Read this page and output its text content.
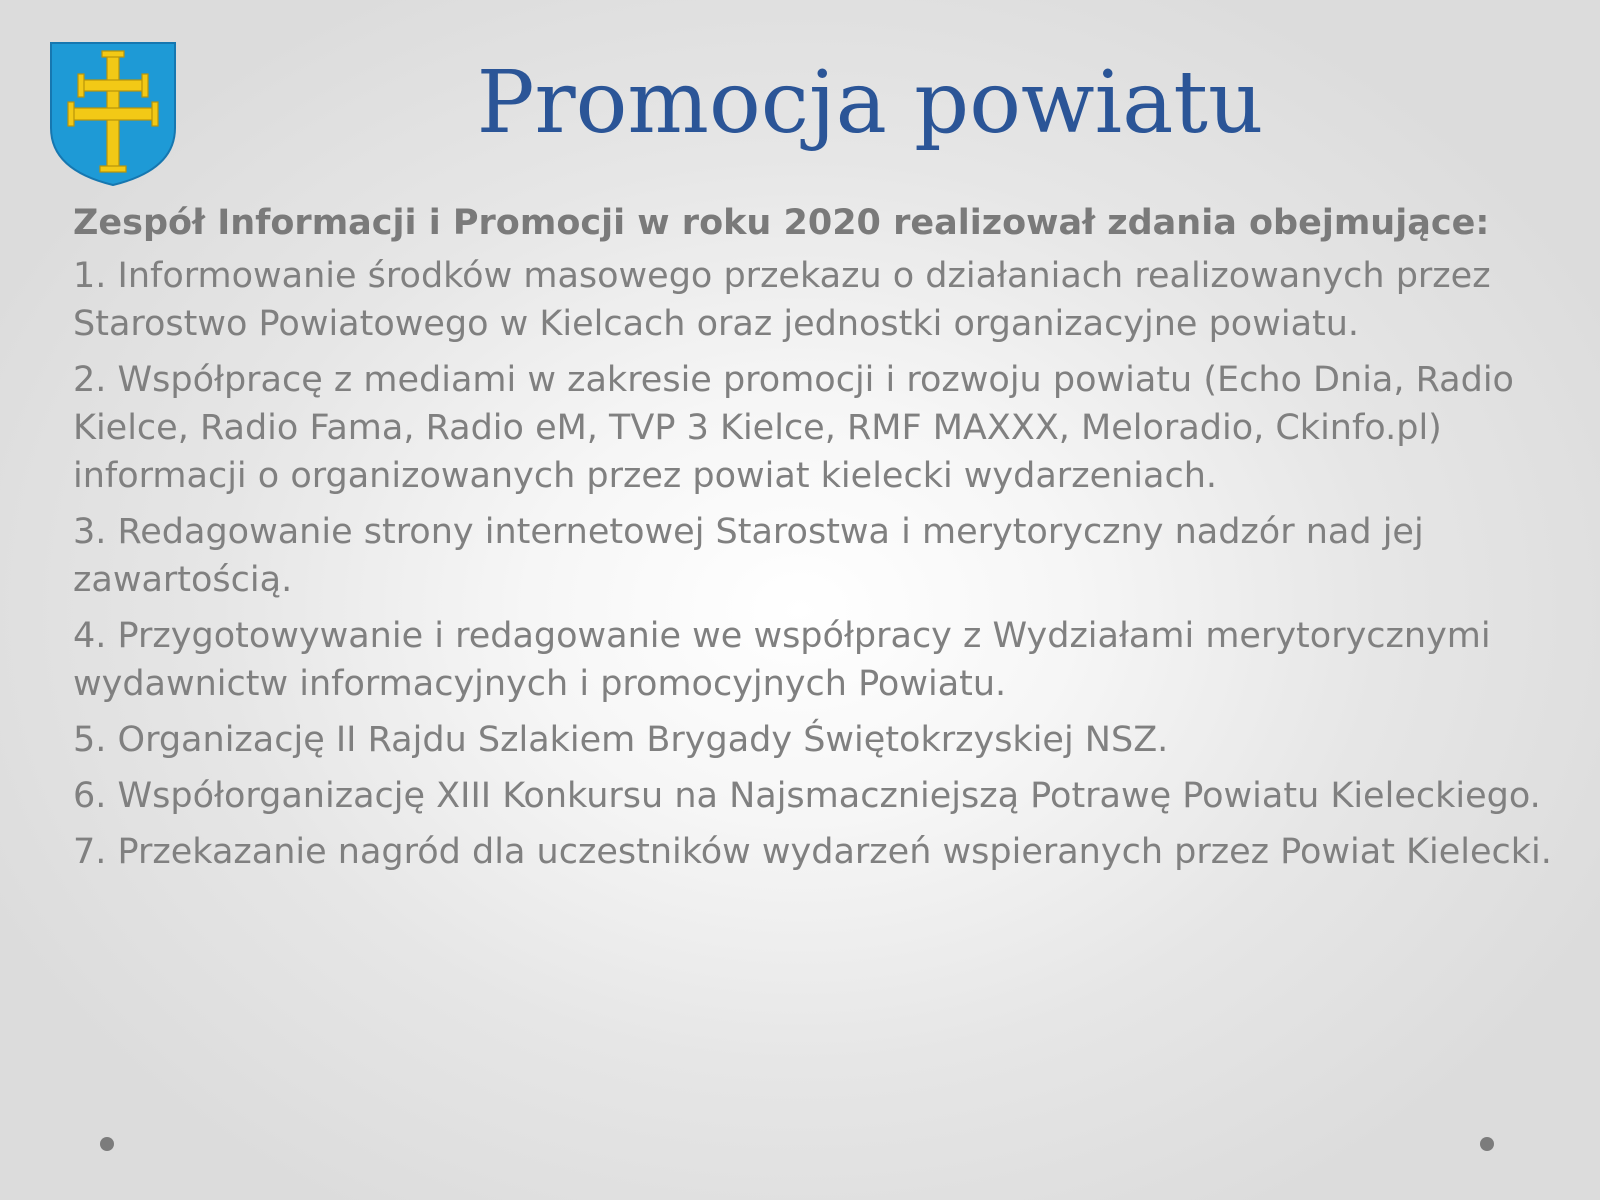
Promocja powiatu

Zespół Informacji i Promocji w roku 2020 realizował zdania obejmujące:

1. Informowanie środków masowego przekazu o działaniach realizowanych przez Starostwo Powiatowego w Kielcach oraz jednostki organizacyjne powiatu.

2. Współpracę z mediami w zakresie promocji i rozwoju powiatu (Echo Dnia, Radio Kielce, Radio Fama, Radio eM, TVP 3 Kielce, RMF MAXXX, Meloradio, Ckinfo.pl) informacji o organizowanych przez powiat kielecki wydarzeniach.

3. Redagowanie strony internetowej Starostwa i merytoryczny nadzór nad jej zawartością.

4. Przygotowywanie i redagowanie we współpracy z Wydziałami merytorycznymi wydawnictw informacyjnych i promocyjnych Powiatu.

5. Organizację II Rajdu Szlakiem Brygady Świętokrzyskiej NSZ.

6. Współorganizację XIII Konkursu na Najsmaczniejszą Potrawę Powiatu Kieleckiego.

7. Przekazanie nagród dla uczestników wydarzeń wspieranych przez Powiat Kielecki.
